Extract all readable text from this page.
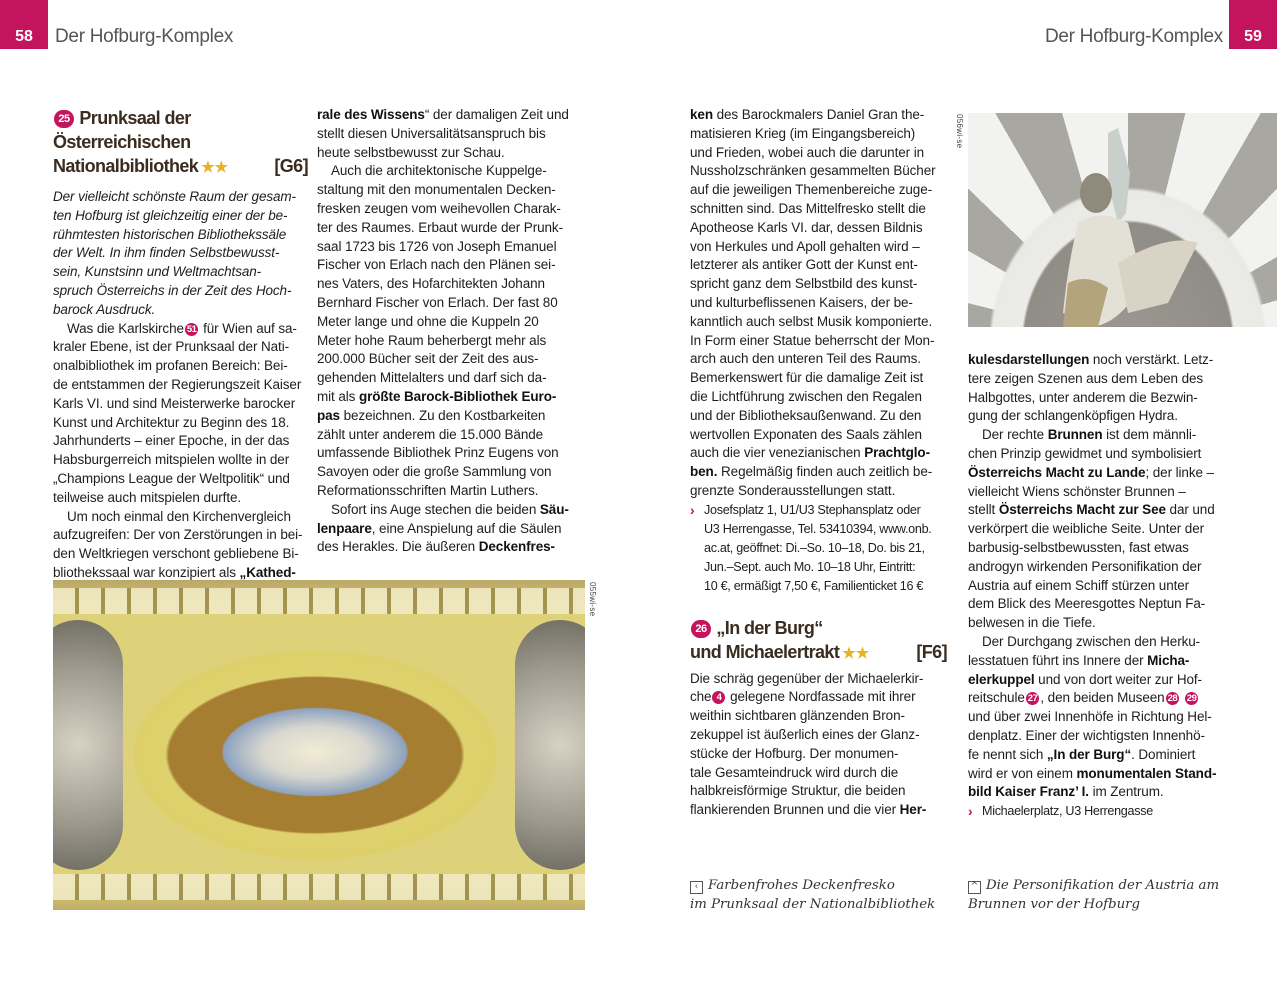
58 Der Hofburg-Komplex	Der Hofburg-Komplex 59
25 Prunksaal der Österreichischen
Nationalbibliothek ★★	[G6]
Der vielleicht schönste Raum der gesam-
ten Hofburg ist gleichzeitig einer der be-
rühmtesten historischen Bibliothekssäle
der Welt. In ihm finden Selbstbewusst-
sein, Kunstsinn und Weltmachtsan-
spruch Österreichs in der Zeit des Hoch-
barock Ausdruck.
Was die Karlskirche 51 für Wien auf sa-
kraler Ebene, ist der Prunksaal der Nati-
onalbibliothek im profanen Bereich: Bei-
de entstammen der Regierungszeit Kaiser
Karls VI. und sind Meisterwerke barocker
Kunst und Architektur zu Beginn des 18.
Jahrhunderts – einer Epoche, in der das
Habsburgerreich mitspielen wollte in der
„Champions League der Weltpolitik“ und
teilweise auch mitspielen durfte.
Um noch einmal den Kirchenvergleich
aufzugreifen: Der von Zerstörungen in bei-
den Weltkriegen verschont gebliebene Bi-
bliothekssaal war konzipiert als „Kathed-
rale des Wissens“ der damaligen Zeit und
stellt diesen Universalitätsanspruch bis
heute selbstbewusst zur Schau.
Auch die architektonische Kuppelge-
staltung mit den monumentalen Decken-
fresken zeugen vom weihevollen Charak-
ter des Raumes. Erbaut wurde der Prunk-
saal 1723 bis 1726 von Joseph Emanuel
Fischer von Erlach nach den Plänen sei-
nes Vaters, des Hofarchitekten Johann
Bernhard Fischer von Erlach. Der fast 80
Meter lange und ohne die Kuppeln 20
Meter hohe Raum beherbergt mehr als
200.000 Bücher seit der Zeit des aus-
gehenden Mittelalters und darf sich da-
mit als größte Barock-Bibliothek Euro-
pas bezeichnen. Zu den Kostbarkeiten
zählt unter anderem die 15.000 Bände
umfassende Bibliothek Prinz Eugens von
Savoyen oder die große Sammlung von
Reformationsschriften Martin Luthers.
Sofort ins Auge stechen die beiden Säu-
lenpaare, eine Anspielung auf die Säulen
des Herakles. Die äußeren Deckenfres-
ken des Barockmalers Daniel Gran the-
matisieren Krieg (im Eingangsbereich)
und Frieden, wobei auch die darunter in
Nussholzschränken gesammelten Bücher
auf die jeweiligen Themenbereiche zuge-
schnitten sind. Das Mittelfresko stellt die
Apotheose Karls VI. dar, dessen Bildnis
von Herkules und Apoll gehalten wird –
letzterer als antiker Gott der Kunst ent-
spricht ganz dem Selbstbild des kunst-
und kulturbeflissenen Kaisers, der be-
kanntlich auch selbst Musik komponierte.
In Form einer Statue beherrscht der Mon-
arch auch den unteren Teil des Raums.
Bemerkenswert für die damalige Zeit ist
die Lichtführung zwischen den Regalen
und der Bibliotheksaußenwand. Zu den
wertvollen Exponaten des Saals zählen
auch die vier venezianischen Prachtglo-
ben. Regelmäßig finden auch zeitlich be-
grenzte Sonderausstellungen statt.
› Josefsplatz 1, U1/U3 Stephansplatz oder
U3 Herrengasse, Tel. 53410394, www.onb.
ac.at, geöffnet: Di.–So. 10–18, Do. bis 21,
Jun.–Sept. auch Mo. 10–18 Uhr, Eintritt:
10 €, ermäßigt 7,50 €, Familienticket 16 €
26 „In der Burg“
und Michaelertrakt ★★	[F6]
Die schräg gegenüber der Michaelerkir-
che 4 gelegene Nordfassade mit ihrer
weithin sichtbaren glänzenden Bron-
zekuppel ist äußerlich eines der Glanz-
stücke der Hofburg. Der monumen-
tale Gesamteindruck wird durch die
halbkreisförmige Struktur, die beiden
flankierenden Brunnen und die vier Her-
kulesdarstellungen noch verstärkt. Letz-
tere zeigen Szenen aus dem Leben des
Halbgottes, unter anderem die Bezwin-
gung der schlangenköpfigen Hydra.
Der rechte Brunnen ist dem männli-
chen Prinzip gewidmet und symbolisiert
Österreichs Macht zu Lande; der linke –
vielleicht Wiens schönster Brunnen –
stellt Österreichs Macht zur See dar und
verkörpert die weibliche Seite. Unter der
barbusig-selbstbewussten, fast etwas
androgyn wirkenden Personifikation der
Austria auf einem Schiff stürzen unter
dem Blick des Meeresgottes Neptun Fa-
belwesen in die Tiefe.
Der Durchgang zwischen den Herku-
lesstatuen führt ins Innere der Micha-
elerkuppel und von dort weiter zur Hof-
reitschule 27 , den beiden Museen 28 29
und über zwei Innenhöfe in Richtung Hel-
denplatz. Einer der wichtigsten Innenhö-
fe nennt sich „In der Burg“. Dominiert
wird er von einem monumentalen Stand-
bild Kaiser Franz’ I. im Zentrum.
› Michaelerplatz, U3 Herrengasse
055wi-se
056wi-se
‹ Farbenfrohes Deckenfresko
im Prunksaal der Nationalbibliothek
^ Die Personifikation der Austria am
Brunnen vor der Hofburg
